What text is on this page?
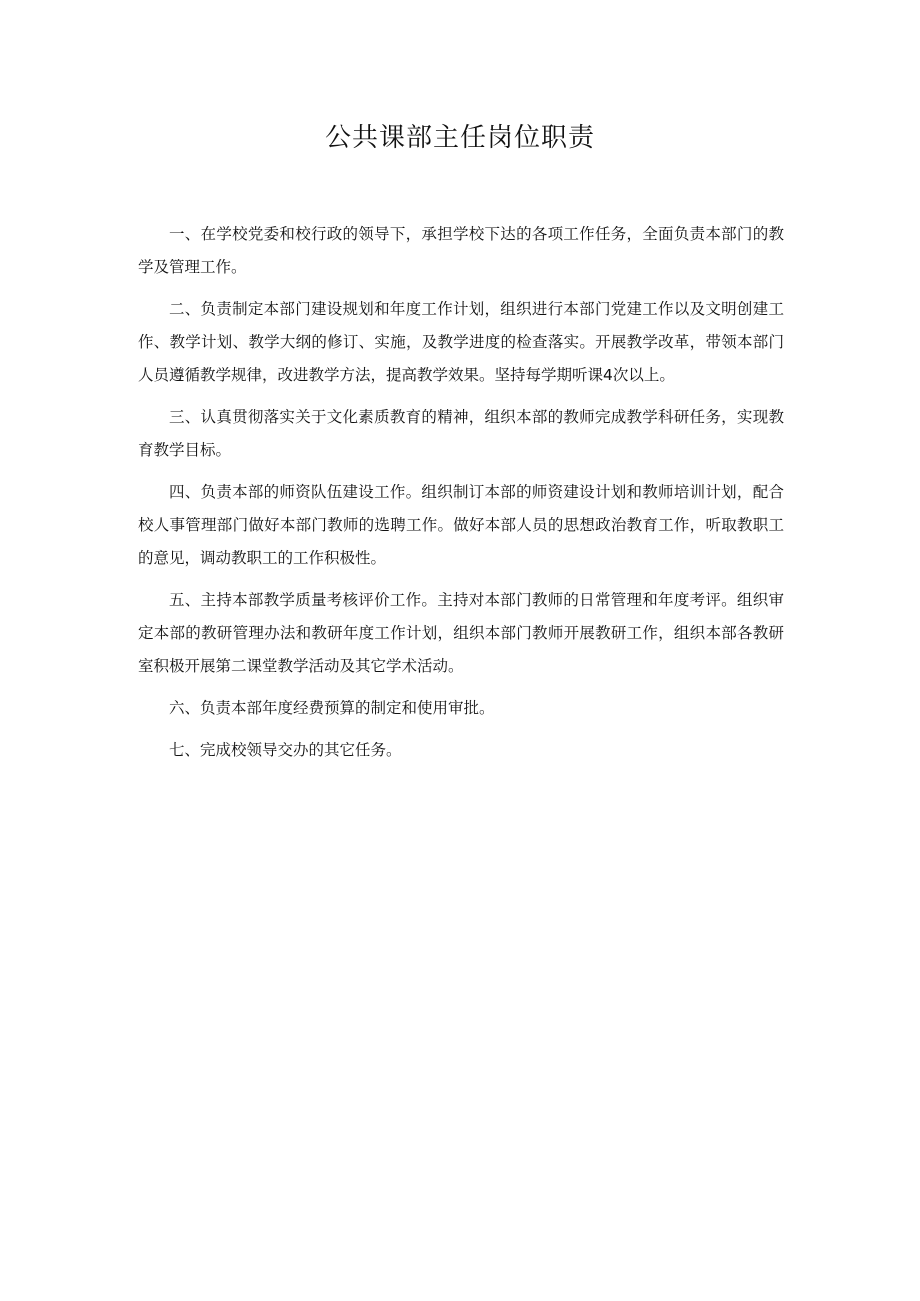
公共课部主任岗位职责

一、在学校党委和校行政的领导下，承担学校下达的各项工作任务，全面负责本部门的教学及管理工作。

二、负责制定本部门建设规划和年度工作计划，组织进行本部门党建工作以及文明创建工作、教学计划、教学大纲的修订、实施，及教学进度的检查落实。开展教学改革，带领本部门人员遵循教学规律，改进教学方法，提高教学效果。坚持每学期听课4次以上。

三、认真贯彻落实关于文化素质教育的精神，组织本部的教师完成教学科研任务，实现教育教学目标。

四、负责本部的师资队伍建设工作。组织制订本部的师资建设计划和教师培训计划，配合校人事管理部门做好本部门教师的选聘工作。做好本部人员的思想政治教育工作，听取教职工的意见，调动教职工的工作积极性。

五、主持本部教学质量考核评价工作。主持对本部门教师的日常管理和年度考评。组织审定本部的教研管理办法和教研年度工作计划，组织本部门教师开展教研工作，组织本部各教研室积极开展第二课堂教学活动及其它学术活动。

六、负责本部年度经费预算的制定和使用审批。

七、完成校领导交办的其它任务。
